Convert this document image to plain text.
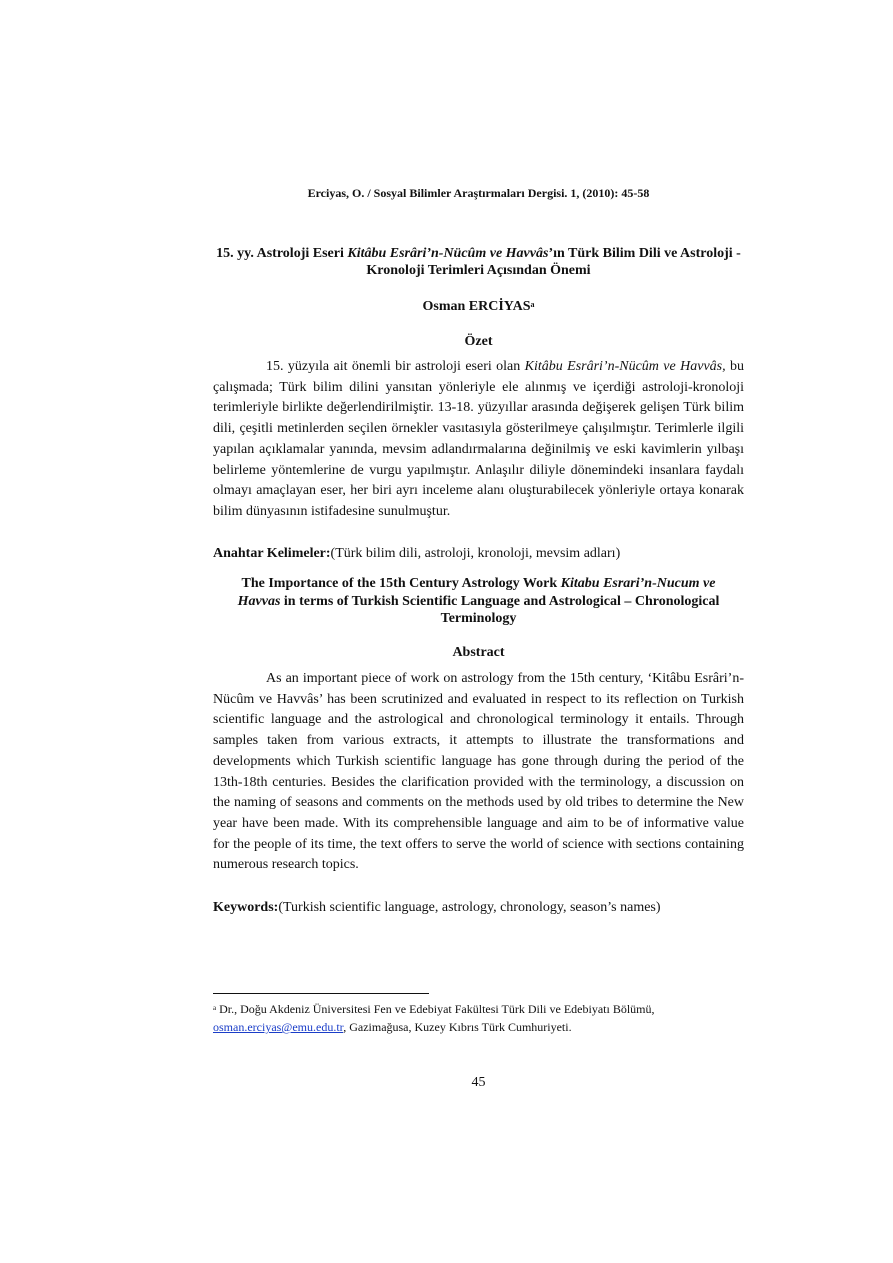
Erciyas, O. / Sosyal Bilimler Araştırmaları Dergisi. 1, (2010): 45-58
15. yy. Astroloji Eseri Kitâbu Esrâri’n-Nücûm ve Havvâs’ın Türk Bilim Dili ve Astroloji - Kronoloji Terimleri Açısından Önemi
Osman ERCİYAS$^a$
Özet

15. yüzyıla ait önemli bir astroloji eseri olan Kitâbu Esrâri’n-Nücûm ve Havvâs, bu çalışmada; Türk bilim dilini yansıtan yönleriyle ele alınmış ve içerdiği astroloji-kronoloji terimleriyle birlikte değerlendirilmiştir. 13-18. yüzyıllar arasında değişerek gelişen Türk bilim dili, çeşitli metinlerden seçilen örnekler vasıtasıyla gösterilmeye çalışılmıştır. Terimlerle ilgili yapılan açıklamalar yanında, mevsim adlandırmalarına değinilmiş ve eski kavimlerin yılbaşı belirleme yöntemlerine de vurgu yapılmıştır. Anlaşılır diliyle dönemindeki insanlara faydalı olmayı amaçlayan eser, her biri ayrı inceleme alanı oluşturabilecek yönleriyle ortaya konarak bilim dünyasının istifadesine sunulmuştur.

Anahtar Kelimeler:(Türk bilim dili, astroloji, kronoloji, mevsim adları)
The Importance of the 15th Century Astrology Work Kitabu Esrari’n-Nucum ve
Havvas in terms of Turkish Scientific Language and Astrological – Chronological Terminology
Abstract

As an important piece of work on astrology from the 15th century, ‘Kitâbu Esrâri’n-Nücûm ve Havvâs’ has been scrutinized and evaluated in respect to its reflection on Turkish scientific language and the astrological and chronological terminology it entails. Through samples taken from various extracts, it attempts to illustrate the transformations and developments which Turkish scientific language has gone through during the period of the 13th-18th centuries. Besides the clarification provided with the terminology, a discussion on the naming of seasons and comments on the methods used by old tribes to determine the New year have been made. With its comprehensible language and aim to be of informative value for the people of its time, the text offers to serve the world of science with sections containing numerous research topics.

Keywords:(Turkish scientific language, astrology, chronology, season’s names)
$^a$ Dr., Doğu Akdeniz Üniversitesi Fen ve Edebiyat Fakültesi Türk Dili ve Edebiyatı Bölümü,
osman.erciyas@emu.edu.tr, Gazimağusa, Kuzey Kıbrıs Türk Cumhuriyeti.
45
